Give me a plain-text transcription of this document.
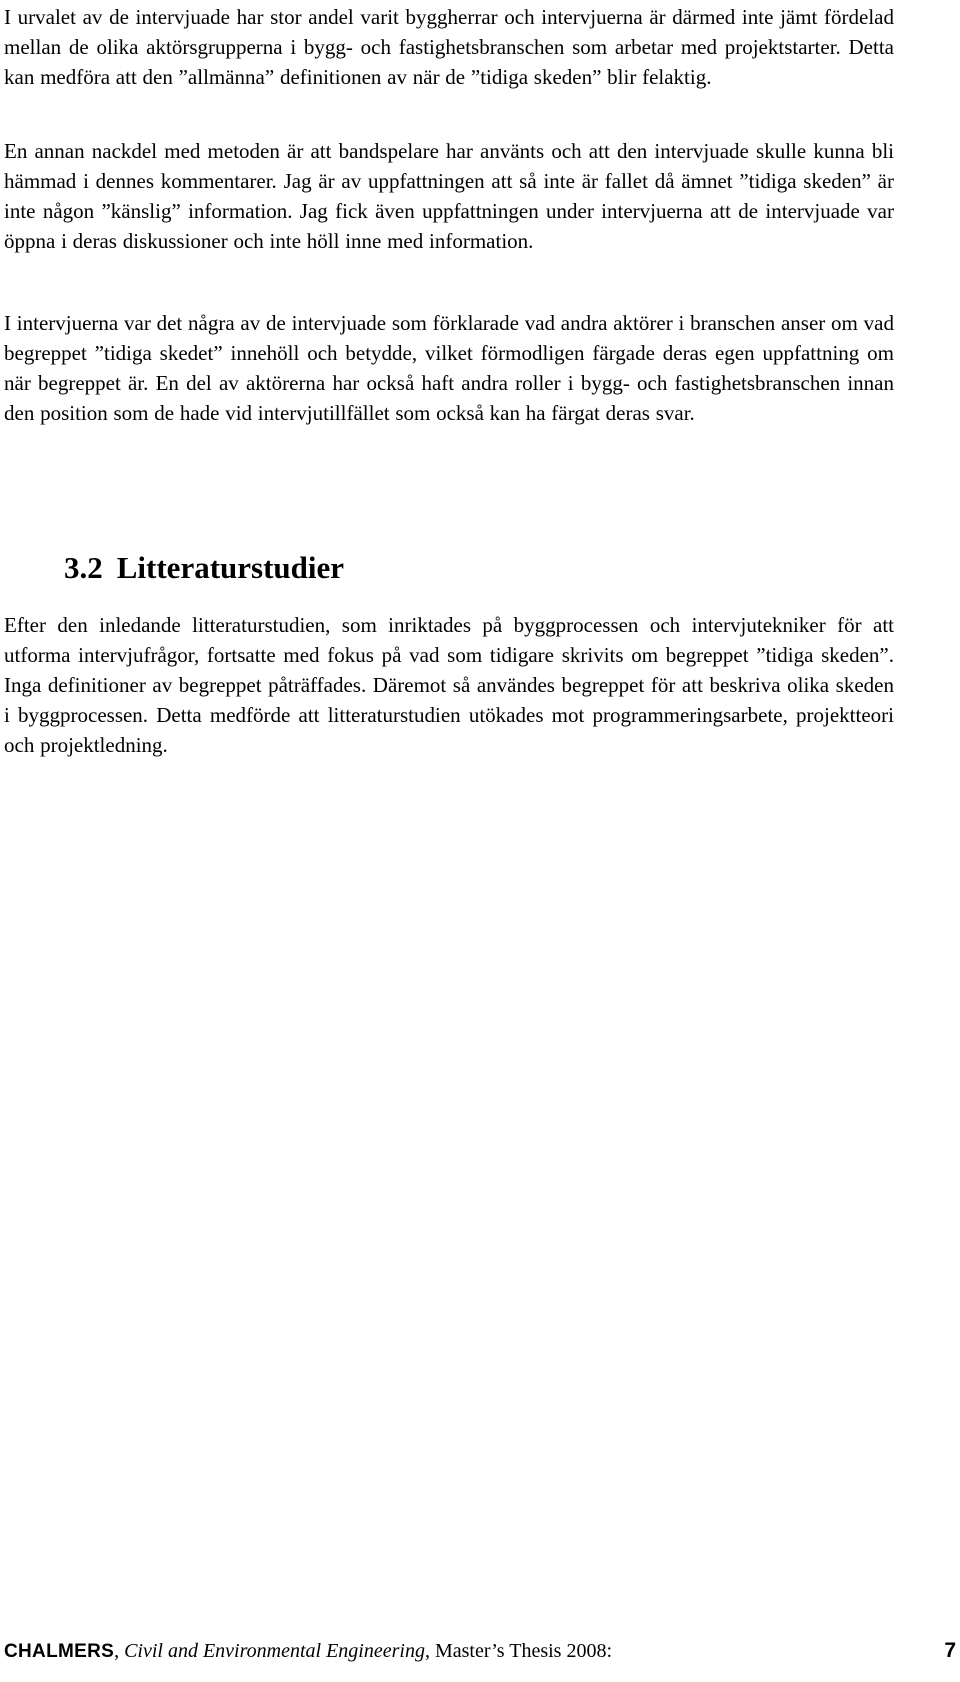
I urvalet av de intervjuade har stor andel varit byggherrar och intervjuerna är därmed inte jämt fördelad mellan de olika aktörsgrupperna i bygg- och fastighetsbranschen som arbetar med projektstarter. Detta kan medföra att den ”allmänna” definitionen av när de ”tidiga skeden” blir felaktig.

En annan nackdel med metoden är att bandspelare har använts och att den intervjuade skulle kunna bli hämmad i dennes kommentarer. Jag är av uppfattningen att så inte är fallet då ämnet ”tidiga skeden” är inte någon ”känslig” information. Jag fick även uppfattningen under intervjuerna att de intervjuade var öppna i deras diskussioner och inte höll inne med information.

I intervjuerna var det några av de intervjuade som förklarade vad andra aktörer i branschen anser om vad begreppet ”tidiga skedet” innehöll och betydde, vilket förmodligen färgade deras egen uppfattning om när begreppet är. En del av aktörerna har också haft andra roller i bygg- och fastighetsbranschen innan den position som de hade vid intervjutillfället som också kan ha färgat deras svar.

3.2 Litteraturstudier

Efter den inledande litteraturstudien, som inriktades på byggprocessen och intervjutekniker för att utforma intervjufrågor, fortsatte med fokus på vad som tidigare skrivits om begreppet ”tidiga skeden”. Inga definitioner av begreppet påträffades. Däremot så användes begreppet för att beskriva olika skeden i byggprocessen. Detta medförde att litteraturstudien utökades mot programmeringsarbete, projektteori och projektledning.

CHALMERS, Civil and Environmental Engineering, Master’s Thesis 2008:	7
